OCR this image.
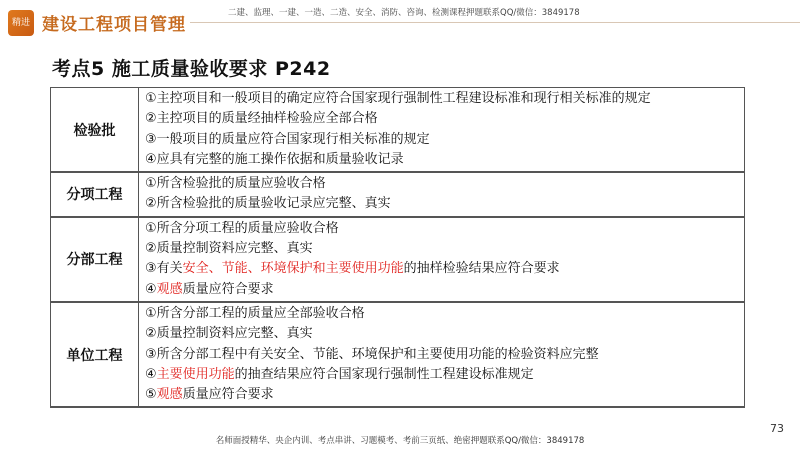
精进 建设工程项目管理
二建、监理、一建、一造、二造、安全、消防、咨询、检测课程押题联系QQ/微信：3849178
考点5 施工质量验收要求 P242
检验批	①主控项目和一般项目的确定应符合国家现行强制性工程建设标准和现行相关标准的规定
②主控项目的质量经抽样检验应全部合格
③一般项目的质量应符合国家现行相关标准的规定
④应具有完整的施工操作依据和质量验收记录

分项工程	①所含检验批的质量应验收合格
②所含检验批的质量验收记录应完整、真实

分部工程	①所含分项工程的质量应验收合格
②质量控制资料应完整、真实
③有关安全、节能、环境保护和主要使用功能的抽样检验结果应符合要求
④观感质量应符合要求

单位工程	①所含分部工程的质量应全部验收合格
②质量控制资料应完整、真实
③所含分部工程中有关安全、节能、环境保护和主要使用功能的检验资料应完整
④主要使用功能的抽查结果应符合国家现行强制性工程建设标准规定
⑤观感质量应符合要求
名师面授精华、央企内训、考点串讲、习题模考、考前三页纸、绝密押题联系QQ/微信：3849178
73
